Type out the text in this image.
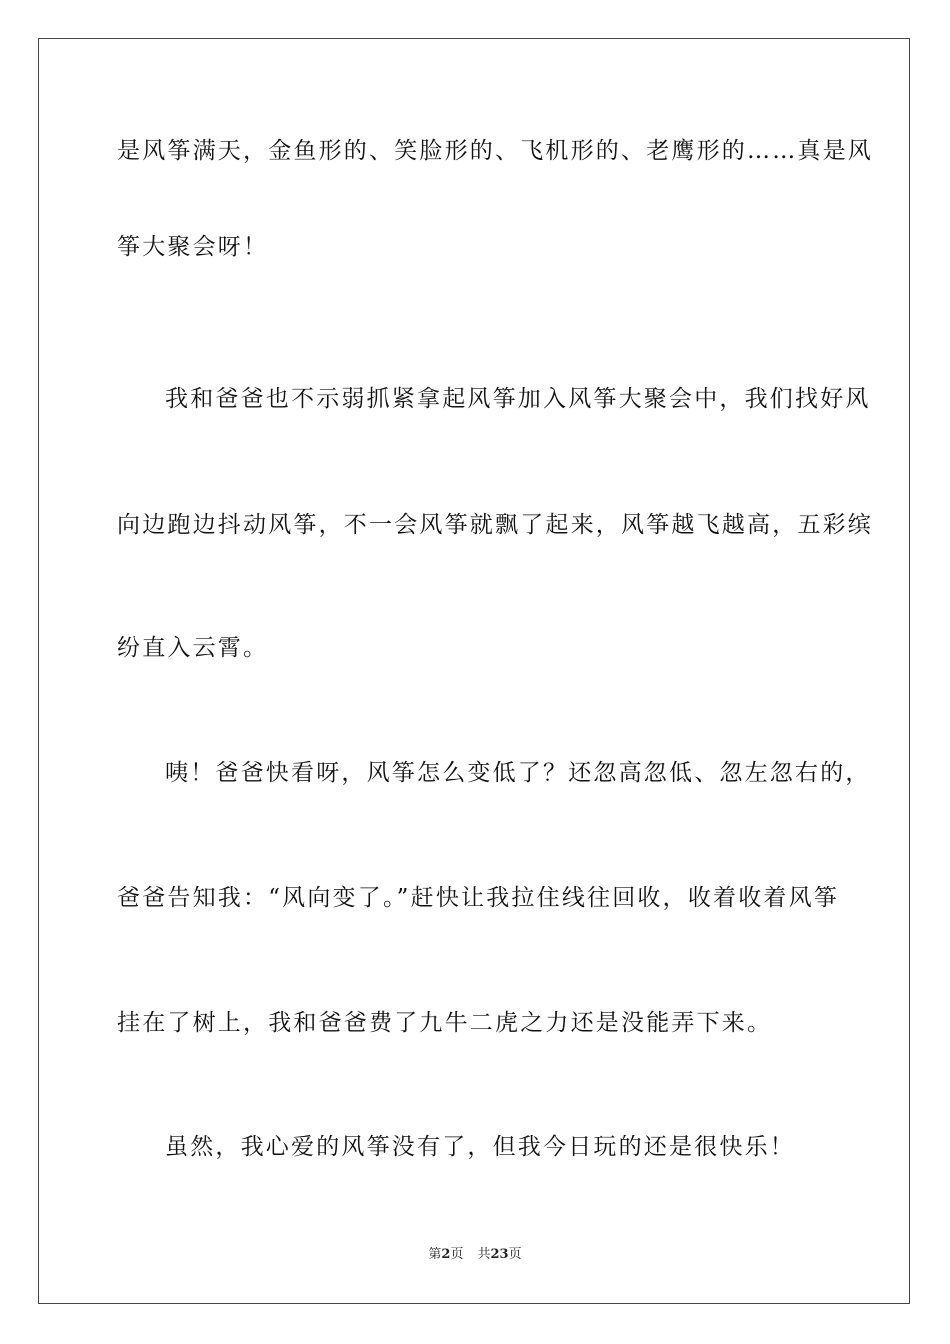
是风筝满天，金鱼形的、笑脸形的、飞机形的、老鹰形的……真是风
筝大聚会呀！
我和爸爸也不示弱抓紧拿起风筝加入风筝大聚会中，我们找好风
向边跑边抖动风筝，不一会风筝就飘了起来，风筝越飞越高，五彩缤
纷直入云霄。
咦！爸爸快看呀，风筝怎么变低了？还忽高忽低、忽左忽右的，
爸爸告知我：“风向变了。”赶快让我拉住线往回收，收着收着风筝
挂在了树上，我和爸爸费了九牛二虎之力还是没能弄下来。
虽然，我心爱的风筝没有了，但我今日玩的还是很快乐！
第2页 共23页
